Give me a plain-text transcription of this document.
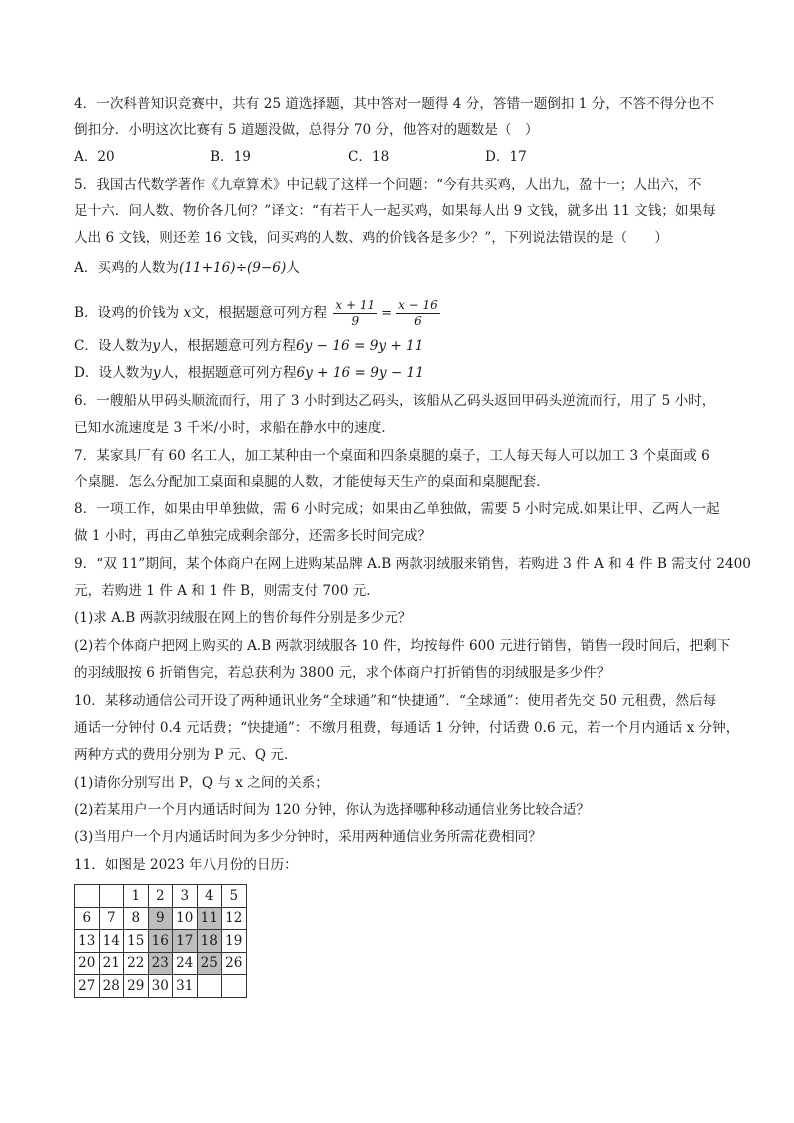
4．一次科普知识竞赛中，共有 25 道选择题，其中答对一题得 4 分，答错一题倒扣 1 分，不答不得分也不
倒扣分．小明这次比赛有 5 道题没做，总得分 70 分，他答对的题数是（　）
A．20	B．19	C．18	D．17
5．我国古代数学著作《九章算术》中记载了这样一个问题：“今有共买鸡，人出九，盈十一；人出六，不
足十六．问人数、物价各几何？”译文：“有若干人一起买鸡，如果每人出 9 文钱，就多出 11 文钱；如果每
人出 6 文钱，则还差 16 文钱，问买鸡的人数、鸡的价钱各是多少？”，下列说法错误的是（　　）
A．买鸡的人数为(11+16)÷(9−6)人
B．设鸡的价钱为 x文，根据题意可列方程 $\frac{x + 11}{9} = \frac{x - 16}{6}$
C．设人数为y人，根据题意可列方程6y − 16 = 9y + 11
D．设人数为y人，根据题意可列方程6y + 16 = 9y − 11
6．一艘船从甲码头顺流而行，用了 3 小时到达乙码头，该船从乙码头返回甲码头逆流而行，用了 5 小时，
已知水流速度是 3 千米/小时，求船在静水中的速度．
7．某家具厂有 60 名工人，加工某种由一个桌面和四条桌腿的桌子，工人每天每人可以加工 3 个桌面或 6
个桌腿．怎么分配加工桌面和桌腿的人数，才能使每天生产的桌面和桌腿配套．
8．一项工作，如果由甲单独做，需 6 小时完成；如果由乙单独做，需要 5 小时完成.如果让甲、乙两人一起
做 1 小时，再由乙单独完成剩余部分，还需多长时间完成？
9．“双 11”期间，某个体商户在网上进购某品牌 A.B 两款羽绒服来销售，若购进 3 件 A 和 4 件 B 需支付 2400
元，若购进 1 件 A 和 1 件 B，则需支付 700 元．
(1)求 A.B 两款羽绒服在网上的售价每件分别是多少元？
(2)若个体商户把网上购买的 A.B 两款羽绒服各 10 件，均按每件 600 元进行销售，销售一段时间后，把剩下
的羽绒服按 6 折销售完，若总获利为 3800 元，求个体商户打折销售的羽绒服是多少件？
10．某移动通信公司开设了两种通讯业务“全球通”和“快捷通”．“全球通”：使用者先交 50 元租费，然后每
通话一分钟付 0.4 元话费；“快捷通”：不缴月租费，每通话 1 分钟，付话费 0.6 元，若一个月内通话 x 分钟，
两种方式的费用分别为 P 元、Q 元．
(1)请你分别写出 P，Q 与 x 之间的关系；
(2)若某用户一个月内通话时间为 120 分钟，你认为选择哪种移动通信业务比较合适？
(3)当用户一个月内通话时间为多少分钟时，采用两种通信业务所需花费相同？
11．如图是 2023 年八月份的日历：
		1	2	3	4	5
6	7	8	9	10	11	12
13	14	15	16	17	18	19
20	21	22	23	24	25	26
27	28	29	30	31		
